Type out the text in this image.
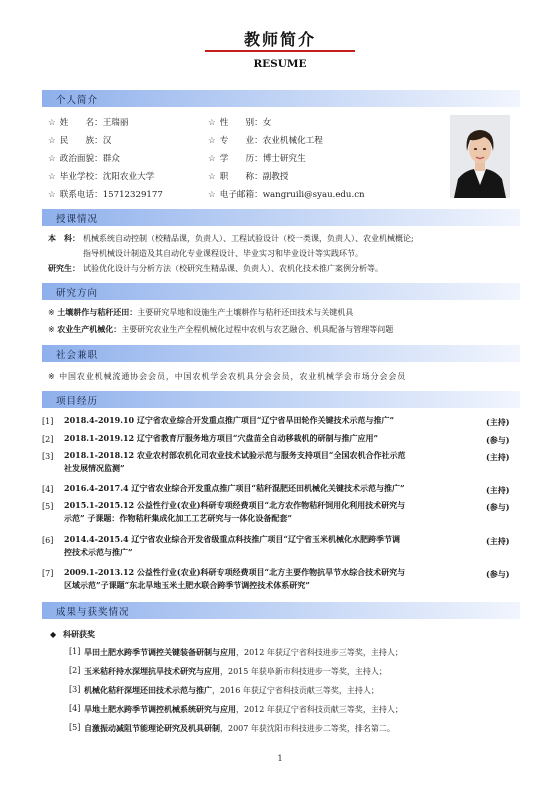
教师简介
RESUME
个人简介
☆ 姓　　名：王瑞丽	☆ 性　　别：女
☆ 民　　族：汉	☆ 专　　业：农业机械化工程
☆ 政治面貌：群众	☆ 学　　历：博士研究生
☆ 毕业学校：沈阳农业大学	☆ 职　　称：副教授
☆ 联系电话：15712329177	☆ 电子邮箱：wangruili@syau.edu.cn
授课情况
本　科： 机械系统自动控制（校精品课，负责人）、工程试验设计（校一类课，负责人）、农业机械概论;
指导机械设计制造及其自动化专业课程设计、毕业实习和毕业设计等实践环节。
研究生： 试验优化设计与分析方法（校研究生精品课、负责人）、农机化技术推广案例分析等。
研究方向
※ 土壤耕作与秸秆还田：主要研究旱地和设施生产土壤耕作与秸秆还田技术与关键机具
※ 农业生产机械化：主要研究农业生产全程机械化过程中农机与农艺融合、机具配备与管理等问题
社会兼职
※ 中国农业机械流通协会会员，中国农机学会农机具分会会员，农业机械学会市场分会会员
项目经历
[1] 2018.4-2019.10 辽宁省农业综合开发重点推广项目“辽宁省旱田轮作关键技术示范与推广”	(主持)
[2] 2018.1-2019.12 辽宁省教育厅服务地方项目“穴盘苗全自动移栽机的研制与推广应用”	(参与)
[3] 2018.1-2018.12 农业农村部农机化司农业技术试验示范与服务支持项目“全国农机合作社示范
社发展情况监测”
(主持)
[4] 2016.4-2017.4 辽宁省农业综合开发重点推广项目“秸秆混肥还田机械化关键技术示范与推广”	(主持)
[5] 2015.1-2015.12 公益性行业(农业)科研专项经费项目“北方农作物秸秆饲用化利用技术研究与
示范” 子课题：作物秸秆集成化加工工艺研究与一体化设备配套”
(参与)
[6] 2014.4-2015.4 辽宁省农业综合开发省级重点科技推广项目“辽宁省玉米机械化水肥跨季节调
控技术示范与推广”
(主持)
[7] 2009.1-2013.12 公益性行业(农业)科研专项经费项目“北方主要作物抗旱节水综合技术研究与
区域示范”子课题“东北旱地玉米土肥水联合跨季节调控技术体系研究”
(参与)
成果与获奖情况
◆ 科研获奖
[1] 旱田土肥水跨季节调控关键装备研制与应用，2012 年获辽宁省科技进步三等奖，主持人；
[2] 玉米秸秆持水深埋抗旱技术研究与应用，2015 年获阜新市科技进步一等奖，主持人；
[3] 机械化秸秆深埋还田技术示范与推广，2016 年获辽宁省科技贡献三等奖，主持人；
[4] 旱地土肥水跨季节调控机械系统研究与应用，2012 年获辽宁省科技贡献三等奖，主持人；
[5] 自激振动减阻节能理论研究及机具研制，2007 年获沈阳市科技进步二等奖，排名第二。
1
